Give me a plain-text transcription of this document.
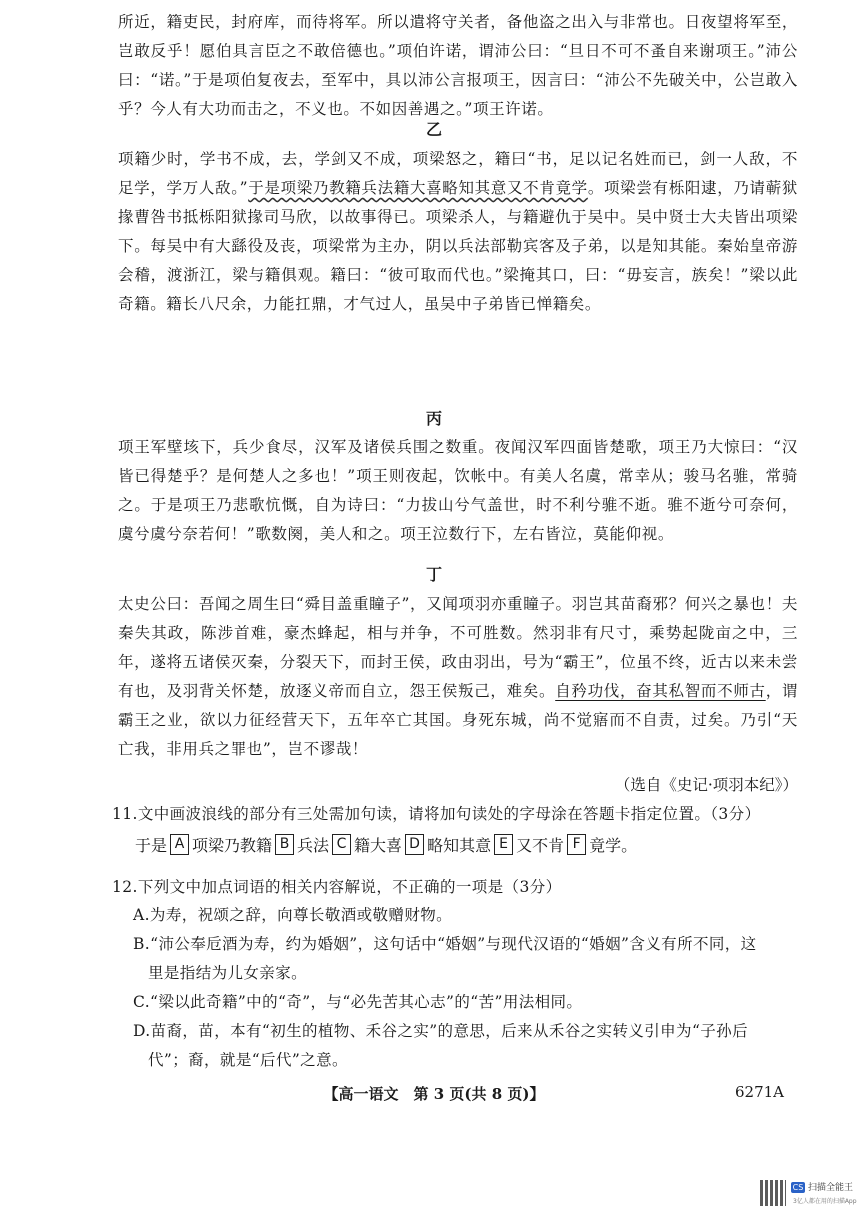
所近，籍吏民，封府库，而待将军。所以遣将守关者，备他盗之出入与非常也。日夜望将军至，岂敢反乎！愿伯具言臣之不敢倍德也。”项伯许诺，谓沛公曰：“旦日不可不蚤自来谢项王。”沛公曰：“诺。”于是项伯复夜去，至军中，具以沛公言报项王，因言曰：“沛公不先破关中，公岂敢入乎？今人有大功而击之，不义也。不如因善遇之。”项王许诺。
乙
项籍少时，学书不成，去，学剑又不成，项梁怒之，籍曰“书，足以记名姓而已，剑一人敌，不足学，学万人敌。”于是项梁乃教籍兵法籍大喜略知其意又不肯竟学。项梁尝有栎阳逮，乃请蕲狱掾曹咎书抵栎阳狱掾司马欣，以故事得已。项梁杀人，与籍避仇于吴中。吴中贤士大夫皆出项梁下。每吴中有大繇役及丧，项梁常为主办，阴以兵法部勒宾客及子弟，以是知其能。秦始皇帝游会稽，渡浙江，梁与籍俱观。籍曰：“彼可取而代也。”梁掩其口，曰：“毋妄言，族矣！”梁以此奇籍。籍长八尺余，力能扛鼎，才气过人，虽吴中子弟皆已惮籍矣。
丙
项王军壁垓下，兵少食尽，汉军及诸侯兵围之数重。夜闻汉军四面皆楚歌，项王乃大惊曰：“汉皆已得楚乎？是何楚人之多也！”项王则夜起，饮帐中。有美人名虞，常幸从；骏马名骓，常骑之。于是项王乃悲歌忼慨，自为诗曰：“力拔山兮气盖世，时不利兮骓不逝。骓不逝兮可奈何，虞兮虞兮奈若何！”歌数阕，美人和之。项王泣数行下，左右皆泣，莫能仰视。
丁
太史公曰：吾闻之周生曰“舜目盖重瞳子”，又闻项羽亦重瞳子。羽岂其苗裔邪？何兴之暴也！夫秦失其政，陈涉首难，豪杰蜂起，相与并争，不可胜数。然羽非有尺寸，乘势起陇亩之中，三年，遂将五诸侯灭秦，分裂天下，而封王侯，政由羽出，号为“霸王”，位虽不终，近古以来未尝有也，及羽背关怀楚，放逐义帝而自立，怨王侯叛己，难矣。自矜功伐，奋其私智而不师古，谓霸王之业，欲以力征经营天下，五年卒亡其国。身死东城，尚不觉寤而不自责，过矣。乃引“天亡我，非用兵之罪也”，岂不谬哉！
（选自《史记·项羽本纪》）
11.文中画波浪线的部分有三处需加句读，请将加句读处的字母涂在答题卡指定位置。（3分）
于是 A 项梁乃教籍 B 兵法 C 籍大喜 D 略知其意 E 又不肯 F 竟学。
12.下列文中加点词语的相关内容解说，不正确的一项是（3分）
A.为寿，祝颂之辞，向尊长敬酒或敬赠财物。
B.“沛公奉卮酒为寿，约为婚姻”，这句话中“婚姻”与现代汉语的“婚姻”含义有所不同，这
里是指结为儿女亲家。
C.“梁以此奇籍”中的“奇”，与“必先苦其心志”的“苦”用法相同。
D.苗裔，苗，本有“初生的植物、禾谷之实”的意思，后来从禾谷之实转义引申为“子孙后
代”；裔，就是“后代”之意。
【高一语文　第 3 页(共 8 页)】	6271A
CS 扫描全能王
3亿人都在用的扫描App
